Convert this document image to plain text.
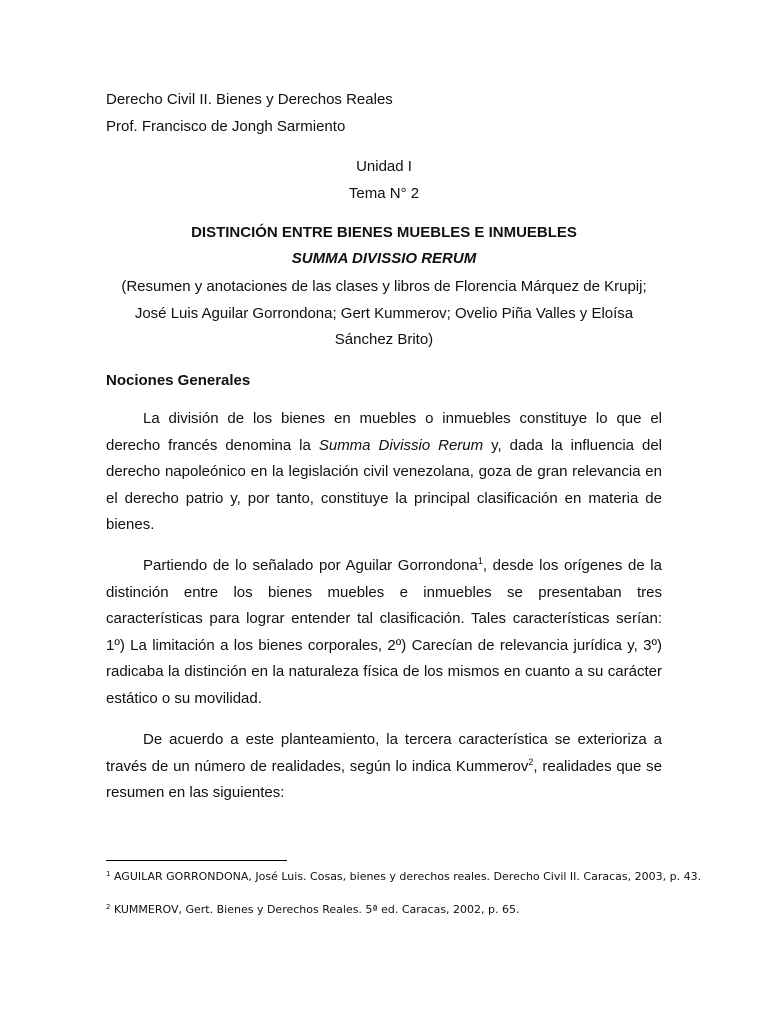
Derecho Civil II. Bienes y Derechos Reales
Prof. Francisco de Jongh Sarmiento
Unidad I
Tema N° 2
DISTINCIÓN ENTRE BIENES MUEBLES E INMUEBLES
SUMMA DIVISSIO RERUM
(Resumen y anotaciones de las clases y libros de Florencia Márquez de Krupij;
José Luis Aguilar Gorrondona; Gert Kummerov; Ovelio Piña Valles y Eloísa
Sánchez Brito)
Nociones Generales

La división de los bienes en muebles o inmuebles constituye lo que el derecho francés denomina la Summa Divissio Rerum y, dada la influencia del derecho napoleónico en la legislación civil venezolana, goza de gran relevancia en el derecho patrio y, por tanto, constituye la principal clasificación en materia de bienes.

Partiendo de lo señalado por Aguilar Gorrondona$^1$, desde los orígenes de la distinción entre los bienes muebles e inmuebles se presentaban tres características para lograr entender tal clasificación. Tales características serían: 1º) La limitación a los bienes corporales, 2º) Carecían de relevancia jurídica y, 3º) radicaba la distinción en la naturaleza física de los mismos en cuanto a su carácter estático o su movilidad.

De acuerdo a este planteamiento, la tercera característica se exterioriza a través de un número de realidades, según lo indica Kummerov$^2$, realidades que se resumen en las siguientes:

$^1$ AGUILAR GORRONDONA, José Luis. Cosas, bienes y derechos reales. Derecho Civil II. Caracas, 2003, p. 43.
$^2$ KUMMEROV, Gert. Bienes y Derechos Reales. 5ª ed. Caracas, 2002, p. 65.
